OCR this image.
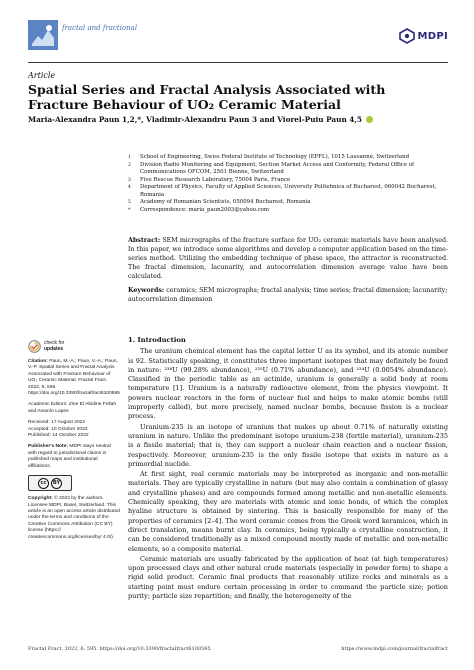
fractal and fractional
MDPI
Article
Spatial Series and Fractal Analysis Associated with Fracture Behaviour of UO₂ Ceramic Material
Maria-Alexandra Paun 1,2,*, Vladimir-Alexandru Paun 3 and Viorel-Puiu Paun 4,5
1	School of Engineering, Swiss Federal Institute of Technology (EPFL), 1015 Lausanne, Switzerland
2	Division Radio Monitoring and Equipment, Section Market Access and Conformity, Federal Office of Communications OFCOM, 2501 Bienne, Switzerland
3	Five Rescue Research Laboratory, 75004 Paris, France
4	Department of Physics, Faculty of Applied Sciences, University Politehnica of Bucharest, 060042 Bucharest, Romania
5	Academy of Romanian Scientists, 050094 Bucharest, Romania
*	Correspondence: maria_paun2003@yahoo.com
Abstract: SEM micrographs of the fracture surface for UO₂ ceramic materials have been analysed. In this paper, we introduce some algorithms and develop a computer application based on the time-series method. Utilizing the embedding technique of phase space, the attractor is reconstructed. The fractal dimension, lacunarity, and autocorrelation dimension average value have been calculated.
Keywords: ceramics; SEM micrographs; fractal analysis; time series; fractal dimension; lacunarity; autocorrelation dimension
check for
updates
Citation: Paun, M.-A.; Paun, V.-A.; Paun, V.-P. Spatial Series and Fractal Analysis Associated with Fracture Behaviour of UO₂ Ceramic Material. Fractal Fract. 2022, 6, 595. https://doi.org/10.3390/fractalfract6100595
Academic Editors: Zine El Abidine Fellah and Antonio Lopes
Received: 17 August 2022
Accepted: 10 October 2022
Published: 14 October 2022
Publisher's Note: MDPI stays neutral with regard to jurisdictional claims in published maps and institutional affiliations.
cc	BY
Copyright: © 2022 by the authors. Licensee MDPI, Basel, Switzerland. This article is an open access article distributed under the terms and conditions of the Creative Commons Attribution (CC BY) license (https:// creativecommons.org/licenses/by/ 4.0/).
1. Introduction

The uranium chemical element has the capital letter U as its symbol, and its atomic number is 92. Statistically speaking, it constitutes three important isotopes that may definitely be found in nature: ²³⁸U (99.28% abundance), ²³⁵U (0.71% abundance), and ²³⁴U (0.0054% abundance). Classified in the periodic table as an actinide, uranium is generally a solid body at room temperature [1]. Uranium is a naturally radioactive element, from the physics viewpoint. It powers nuclear reactors in the form of nuclear fuel and helps to make atomic bombs (still improperly called), but more precisely, named nuclear bombs, because fission is a nuclear process.

Uranium-235 is an isotope of uranium that makes up about 0.71% of naturally existing uranium in nature. Unlike the predominant isotope uranium-238 (fertile material), uranium-235 is a fissile material; that is, they can support a nuclear chain reaction and a nuclear fission, respectively. Moreover, uranium-235 is the only fissile isotope that exists in nature as a primordial nuclide.

At first sight, real ceramic materials may be interpreted as inorganic and non-metallic materials. They are typically crystalline in nature (but may also contain a combination of glassy and crystalline phases) and are compounds formed among metallic and non-metallic elements. Chemically speaking, they are materials with atomic and ionic bonds, of which the complex hyaline structure is obtained by sintering. This is basically responsible for many of the properties of ceramics [2–4]. The word ceramic comes from the Greek word keramicos, which in direct translation, means burnt clay. In ceramics, being typically a crystalline construction, it can be considered traditionally as a mixed compound mostly made of metallic and non-metallic elements, so a composite material.

Ceramic materials are usually fabricated by the application of heat (at high temperatures) upon processed clays and other natural crude materials (especially in powder form) to shape a rigid solid product. Ceramic final products that reasonably utilize rocks and minerals as a starting point must endure certain processing in order to command the particle size; potion purity; particle size repartition; and finally, the heterogeneity of the

Fractal Fract. 2022, 6, 595. https://doi.org/10.3390/fractalfract6100595	https://www.mdpi.com/journal/fractalfract
